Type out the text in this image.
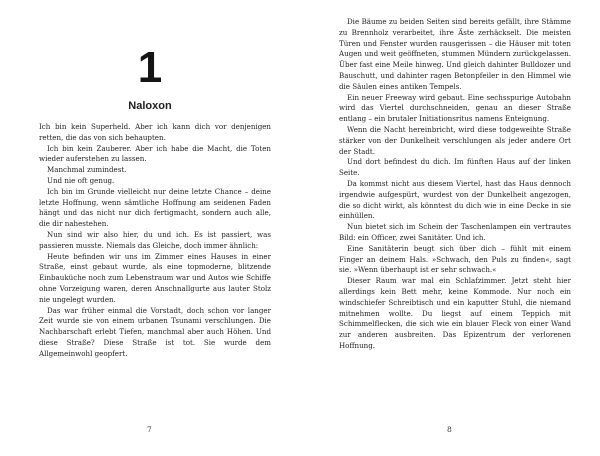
1
Naloxon

Ich bin kein Superheld. Aber ich kann dich vor denjenigen retten, die das von sich behaupten.

Ich bin kein Zauberer. Aber ich habe die Macht, die Toten wieder auferstehen zu lassen.

Manchmal zumindest.

Und nie oft genug.

Ich bin im Grunde vielleicht nur deine letzte Chance – deine letzte Hoffnung, wenn sämtliche Hoffnung am seidenen Faden hängt und das nicht nur dich fertigmacht, sondern auch alle, die dir nahestehen.

Nun sind wir also hier, du und ich. Es ist passiert, was passieren musste. Niemals das Gleiche, doch immer ähnlich:

Heute befinden wir uns im Zimmer eines Hauses in einer Straße, einst gebaut wurde, als eine topmoderne, blitzende Einbauküche noch zum Lebenstraum war und Autos wie Schiffe ohne Vorzeigung waren, deren Anschnallgurte aus lauter Stolz nie ungelegt wurden.

Das war früher einmal die Vorstadt, doch schon vor langer Zeit wurde sie von einem urbanen Tsunami verschlungen. Die Nachbarschaft erlebt Tiefen, manchmal aber auch Höhen. Und diese Straße? Diese Straße ist tot. Sie wurde dem Allgemeinwohl geopfert.

7

Die Bäume zu beiden Seiten sind bereits gefällt, ihre Stämme zu Brennholz verarbeitet, ihre Äste zerhäckselt. Die meisten Türen und Fenster wurden rausgerissen – die Häuser mit toten Augen und weit geöffneten, stummen Mündern zurückgelassen. Über fast eine Meile hinweg. Und gleich dahinter Bulldozer und Bauschutt, und dahinter ragen Betonpfeiler in den Himmel wie die Säulen eines antiken Tempels.

Ein neuer Freeway wird gebaut. Eine sechsspurige Autobahn wird das Viertel durchschneiden, genau an dieser Straße entlang – ein brutaler Initiationsritus namens Enteignung.

Wenn die Nacht hereinbricht, wird diese todgeweihte Straße stärker von der Dunkelheit verschlungen als jeder andere Ort der Stadt.

Und dort befindest du dich. Im fünften Haus auf der linken Seite.

Da kommst nicht aus diesem Viertel, hast das Haus dennoch irgendwie aufgespürt, wurdest von der Dunkelheit angezogen, die so dicht wirkt, als könntest du dich wie in eine Decke in sie einhüllen.

Nun bietet sich im Schein der Taschenlampen ein vertrautes Bild: ein Officer, zwei Sanitäter. Und ich.

Eine Sanitäterin beugt sich über dich – fühlt mit einem Finger an deinem Hals. »Schwach, den Puls zu finden«, sagt sie. »Wenn überhaupt ist er sehr schwach.«

Dieser Raum war mal ein Schlafzimmer. Jetzt steht hier allerdings kein Bett mehr, keine Kommode. Nur noch ein windschiefer Schreibtisch und ein kaputter Stuhl, die niemand mitnehmen wollte. Du liegst auf einem Teppich mit Schimmelflecken, die sich wie ein blauer Fleck von einer Wand zur anderen ausbreiten. Das Epizentrum der verlorenen Hoffnung.

8
